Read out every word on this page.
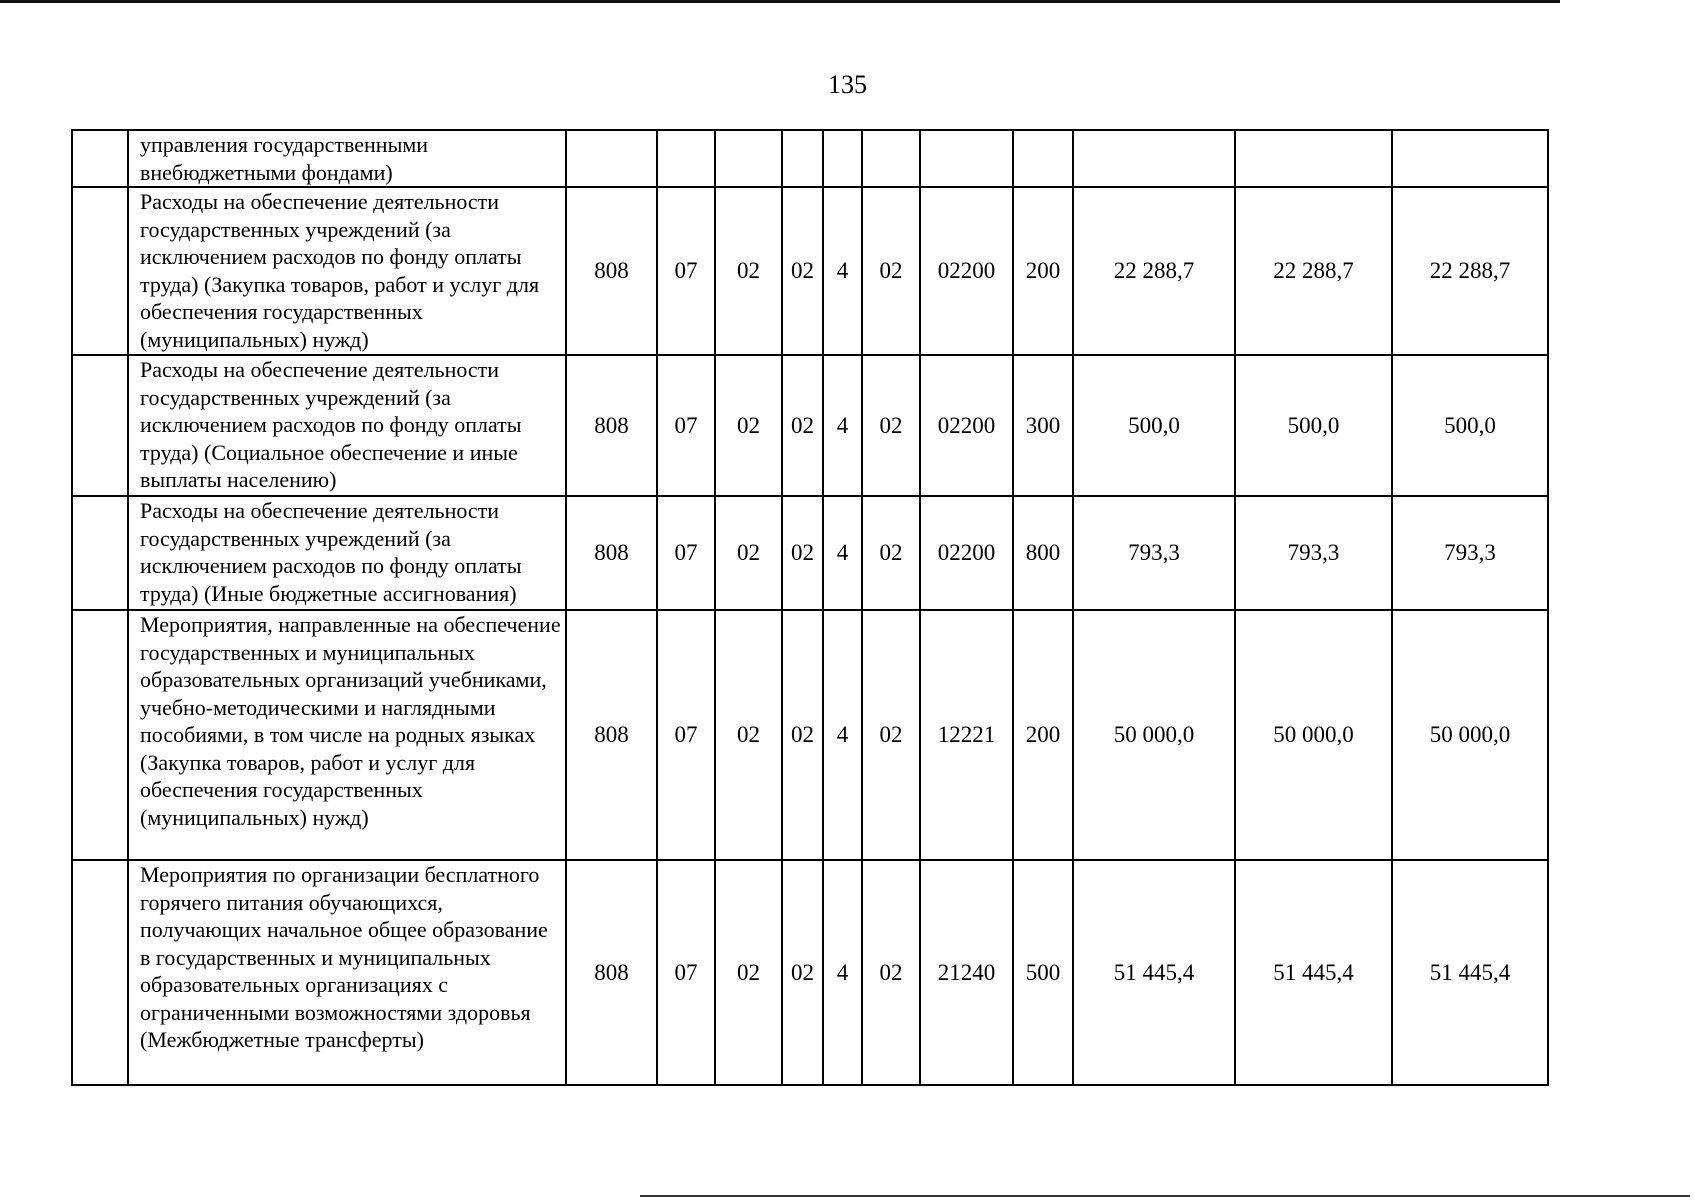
135
	управления государственными внебюджетными фондами)											
	Расходы на обеспечение деятельности государственных учреждений (за исключением расходов по фонду оплаты труда) (Закупка товаров, работ и услуг для обеспечения государственных (муниципальных) нужд)	808	07	02	02	4	02	02200	200	22 288,7	22 288,7	22 288,7
	Расходы на обеспечение деятельности государственных учреждений (за исключением расходов по фонду оплаты труда) (Социальное обеспечение и иные выплаты населению)	808	07	02	02	4	02	02200	300	500,0	500,0	500,0
	Расходы на обеспечение деятельности государственных учреждений (за исключением расходов по фонду оплаты труда) (Иные бюджетные ассигнования)	808	07	02	02	4	02	02200	800	793,3	793,3	793,3
	Мероприятия, направленные на обеспечение государственных и муниципальных образовательных организаций учебниками, учебно-методическими и наглядными пособиями, в том числе на родных языках (Закупка товаров, работ и услуг для обеспечения государственных (муниципальных) нужд)	808	07	02	02	4	02	12221	200	50 000,0	50 000,0	50 000,0
	Мероприятия по организации бесплатного горячего питания обучающихся, получающих начальное общее образование в государственных и муниципальных образовательных организациях с ограниченными возможностями здоровья (Межбюджетные трансферты)	808	07	02	02	4	02	21240	500	51 445,4	51 445,4	51 445,4
